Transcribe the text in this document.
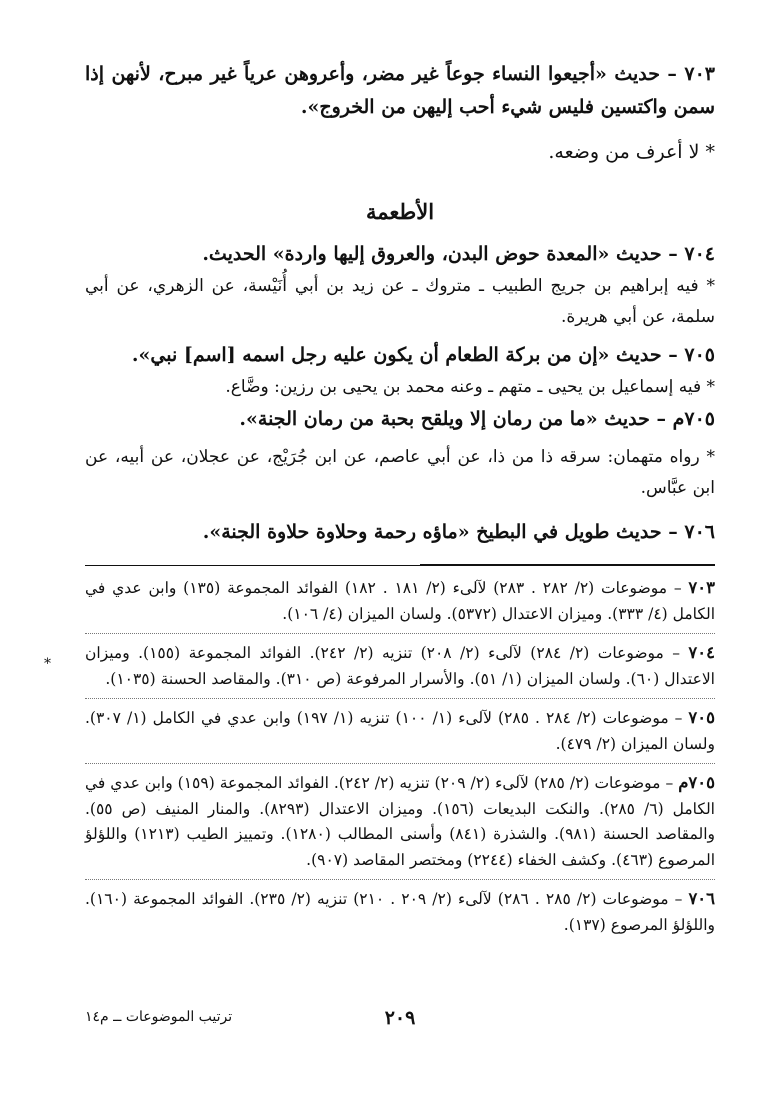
٧٠٣ – حديث «أجيعوا النساء جوعاً غير مضر، وأعروهن عرياً غير مبرح، لأنهن إذا سمن واكتسين فليس شيء أحب إليهن من الخروج».

* لا أعرف من وضعه.

الأطعمة

٧٠٤ – حديث «المعدة حوض البدن، والعروق إليها واردة» الحديث.

* فيه إبراهيم بن جريج الطبيب ـ متروك ـ عن زيد بن أبي أُنَيْسة، عن الزهري، عن أبي سلمة، عن أبي هريرة.

٧٠٥ – حديث «إن من بركة الطعام أن يكون عليه رجل اسمه [اسم] نبي».

* فيه إسماعيل بن يحيى ـ متهم ـ وعنه محمد بن يحيى بن رزين: وضَّاع.

٧٠٥م – حديث «ما من رمان إلا ويلقح بحبة من رمان الجنة».

* رواه متهمان: سرقه ذا من ذا، عن أبي عاصم، عن ابن جُرَيْج، عن عجلان، عن أبيه، عن ابن عبَّاس.

٧٠٦ – حديث طويل في البطيخ «ماؤه رحمة وحلاوة حلاوة الجنة».

٧٠٣ – موضوعات (٢/ ٢٨٢ . ٢٨٣) لآلىء (٢/ ١٨١ . ١٨٢) الفوائد المجموعة (١٣٥) وابن عدي في الكامل (٤/ ٣٣٣). وميزان الاعتدال (٥٣٧٢). ولسان الميزان (٤/ ١٠٦).

٧٠٤ – موضوعات (٢/ ٢٨٤) لآلىء (٢/ ٢٠٨) تنزيه (٢/ ٢٤٢). الفوائد المجموعة (١٥٥). وميزان الاعتدال (٦٠). ولسان الميزان (١/ ٥١). والأسرار المرفوعة (ص ٣١٠). والمقاصد الحسنة (١٠٣٥).

٧٠٥ – موضوعات (٢/ ٢٨٤ . ٢٨٥) لآلىء (١/ ١٠٠) تنزيه (١/ ١٩٧) وابن عدي في الكامل (١/ ٣٠٧). ولسان الميزان (٢/ ٤٧٩).

٧٠٥م – موضوعات (٢/ ٢٨٥) لآلىء (٢/ ٢٠٩) تنزيه (٢/ ٢٤٢). الفوائد المجموعة (١٥٩) وابن عدي في الكامل (٦/ ٢٨٥). والنكت البديعات (١٥٦). وميزان الاعتدال (٨٢٩٣). والمنار المنيف (ص ٥٥). والمقاصد الحسنة (٩٨١). والشذرة (٨٤١) وأسنى المطالب (١٢٨٠). وتمييز الطيب (١٢١٣) واللؤلؤ المرصوع (٤٦٣). وكشف الخفاء (٢٢٤٤) ومختصر المقاصد (٩٠٧).

٧٠٦ – موضوعات (٢/ ٢٨٥ . ٢٨٦) لآلىء (٢/ ٢٠٩ . ٢١٠) تنزيه (٢/ ٢٣٥). الفوائد المجموعة (١٦٠). واللؤلؤ المرصوع (١٣٧).

*
٢٠٩
ترتيب الموضوعات ــ م١٤
